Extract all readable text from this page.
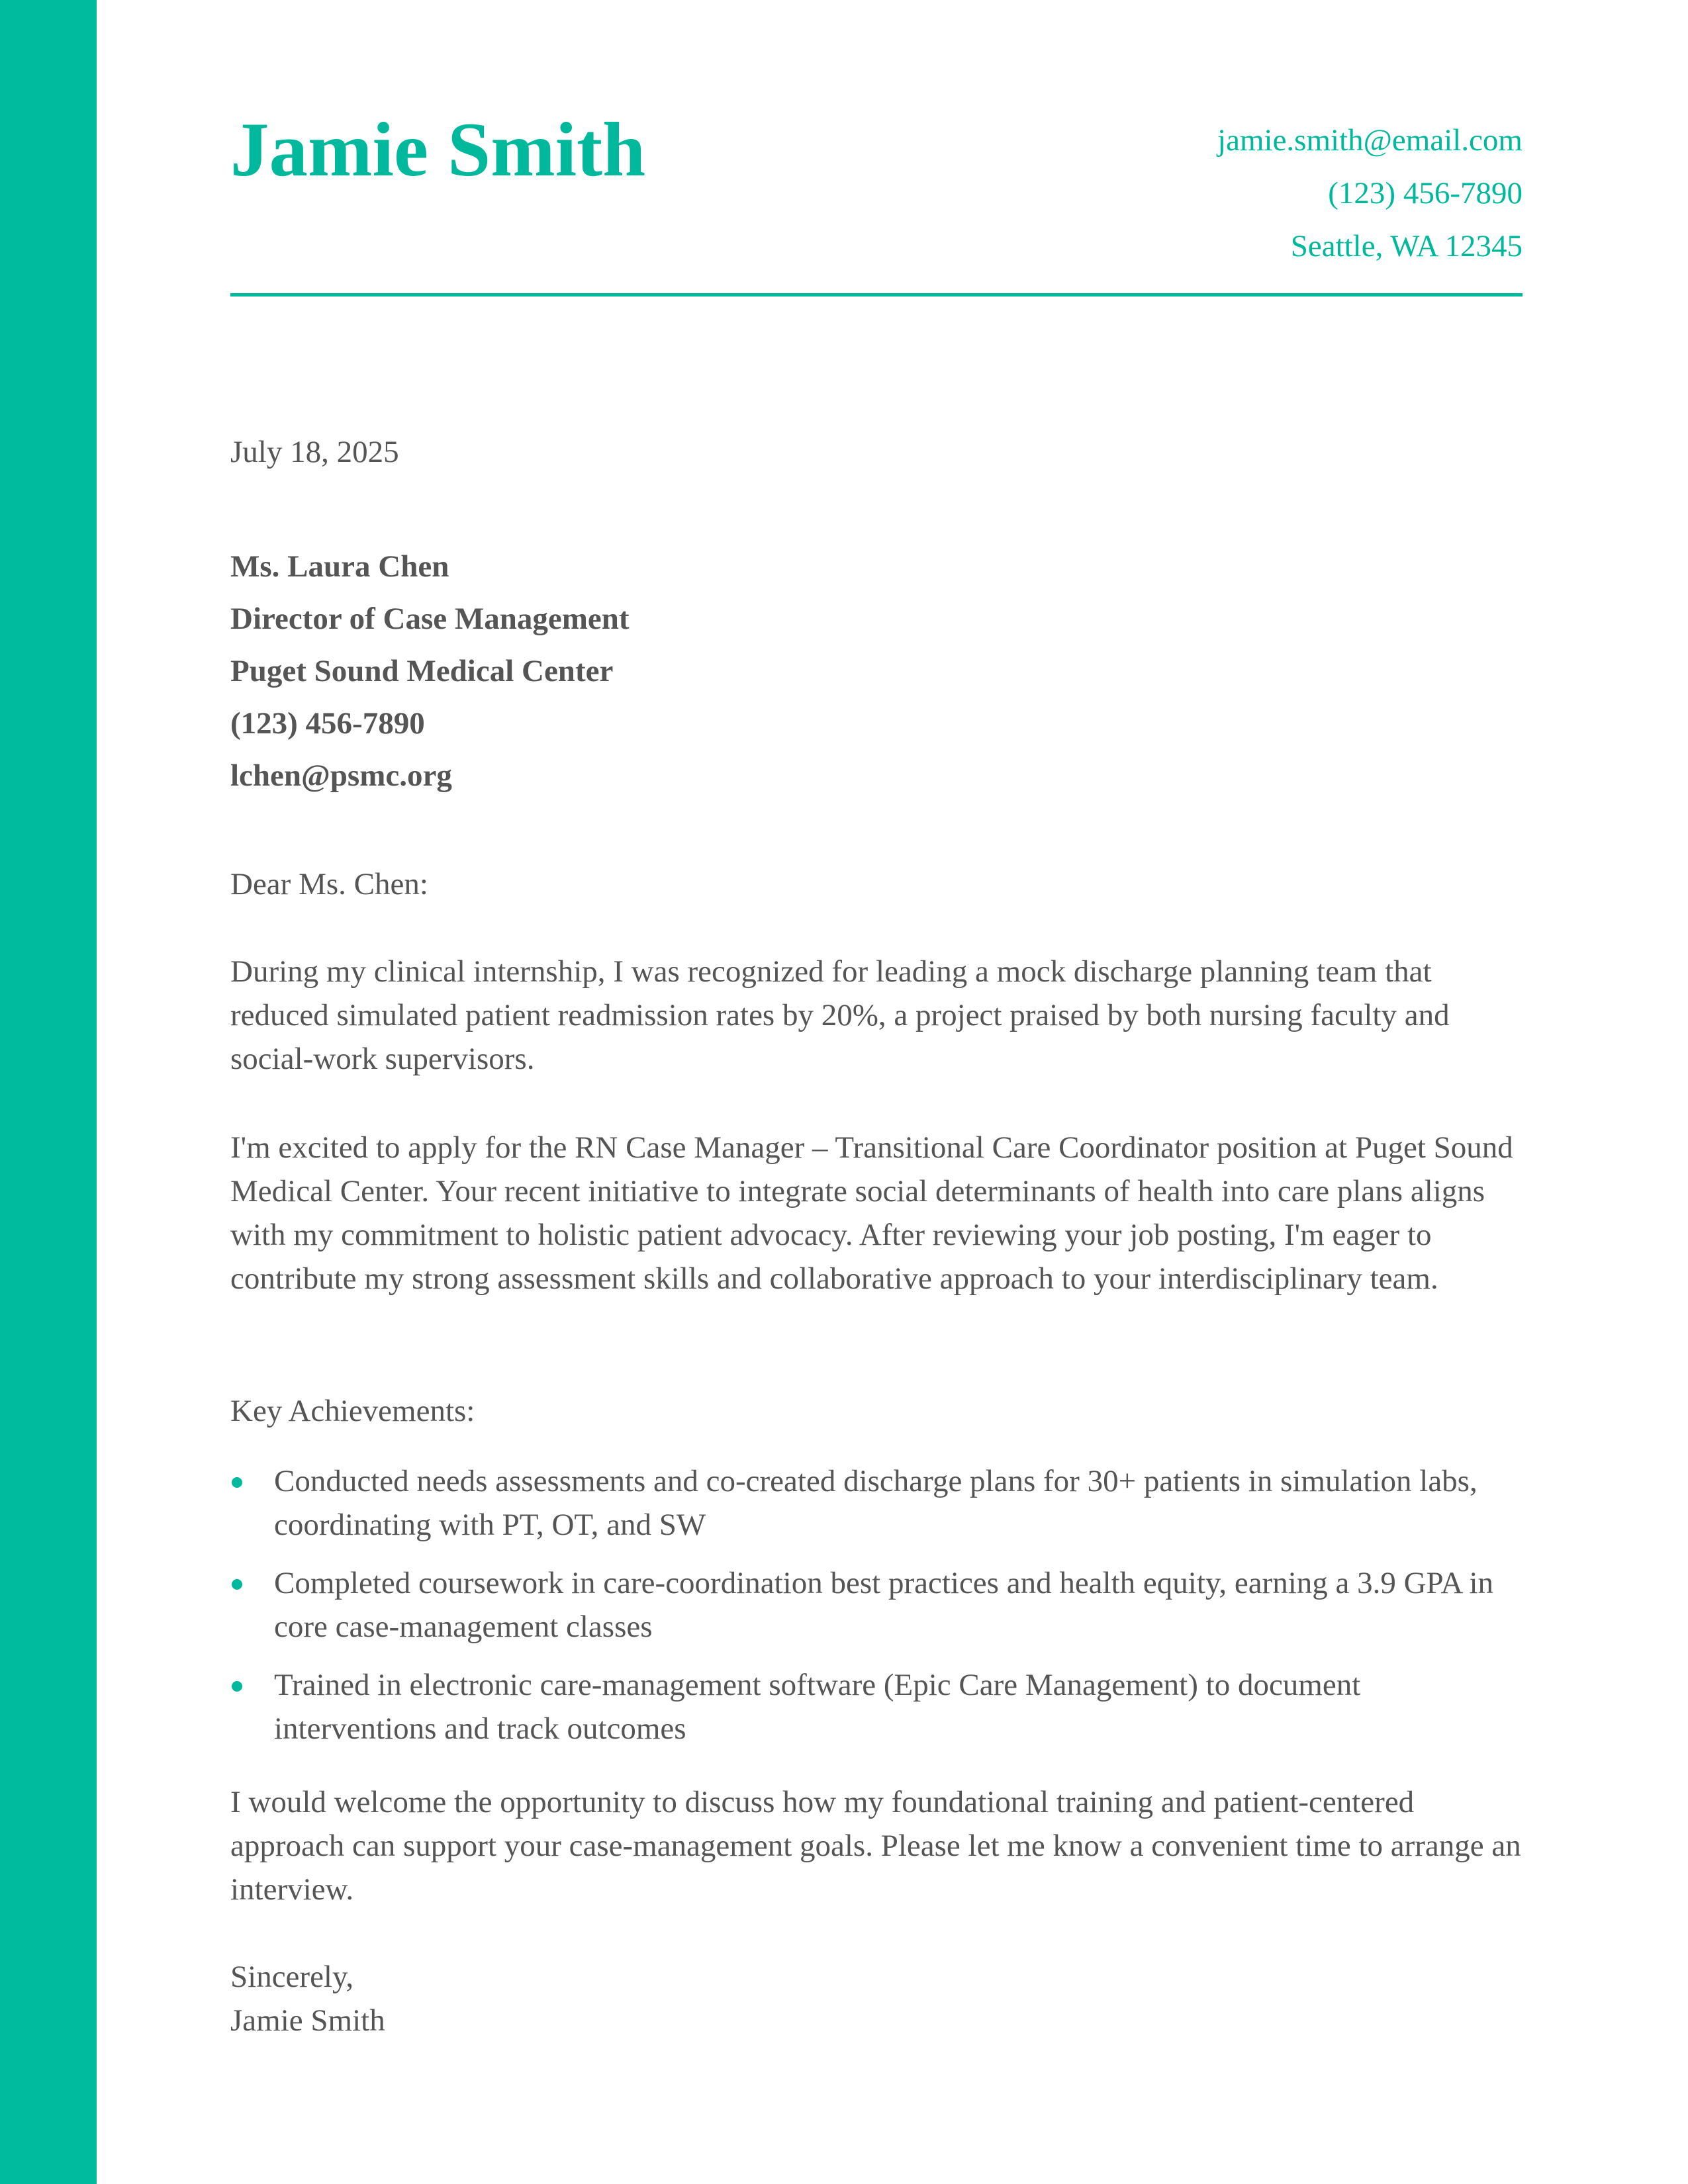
Jamie Smith	jamie.smith@email.com
(123) 456-7890
Seattle, WA 12345
July 18, 2025
Ms. Laura Chen
Director of Case Management
Puget Sound Medical Center
(123) 456-7890
lchen@psmc.org
Dear Ms. Chen:
During my clinical internship, I was recognized for leading a mock discharge planning team that reduced simulated patient readmission rates by 20%, a project praised by both nursing faculty and social-work supervisors.
I'm excited to apply for the RN Case Manager – Transitional Care Coordinator position at Puget Sound Medical Center. Your recent initiative to integrate social determinants of health into care plans aligns with my commitment to holistic patient advocacy. After reviewing your job posting, I'm eager to contribute my strong assessment skills and collaborative approach to your interdisciplinary team.
Key Achievements:
Conducted needs assessments and co-created discharge plans for 30+ patients in simulation labs, coordinating with PT, OT, and SW
Completed coursework in care-coordination best practices and health equity, earning a 3.9 GPA in core case-management classes
Trained in electronic care-management software (Epic Care Management) to document interventions and track outcomes
I would welcome the opportunity to discuss how my foundational training and patient-centered approach can support your case-management goals. Please let me know a convenient time to arrange an interview.
Sincerely,
Jamie Smith
